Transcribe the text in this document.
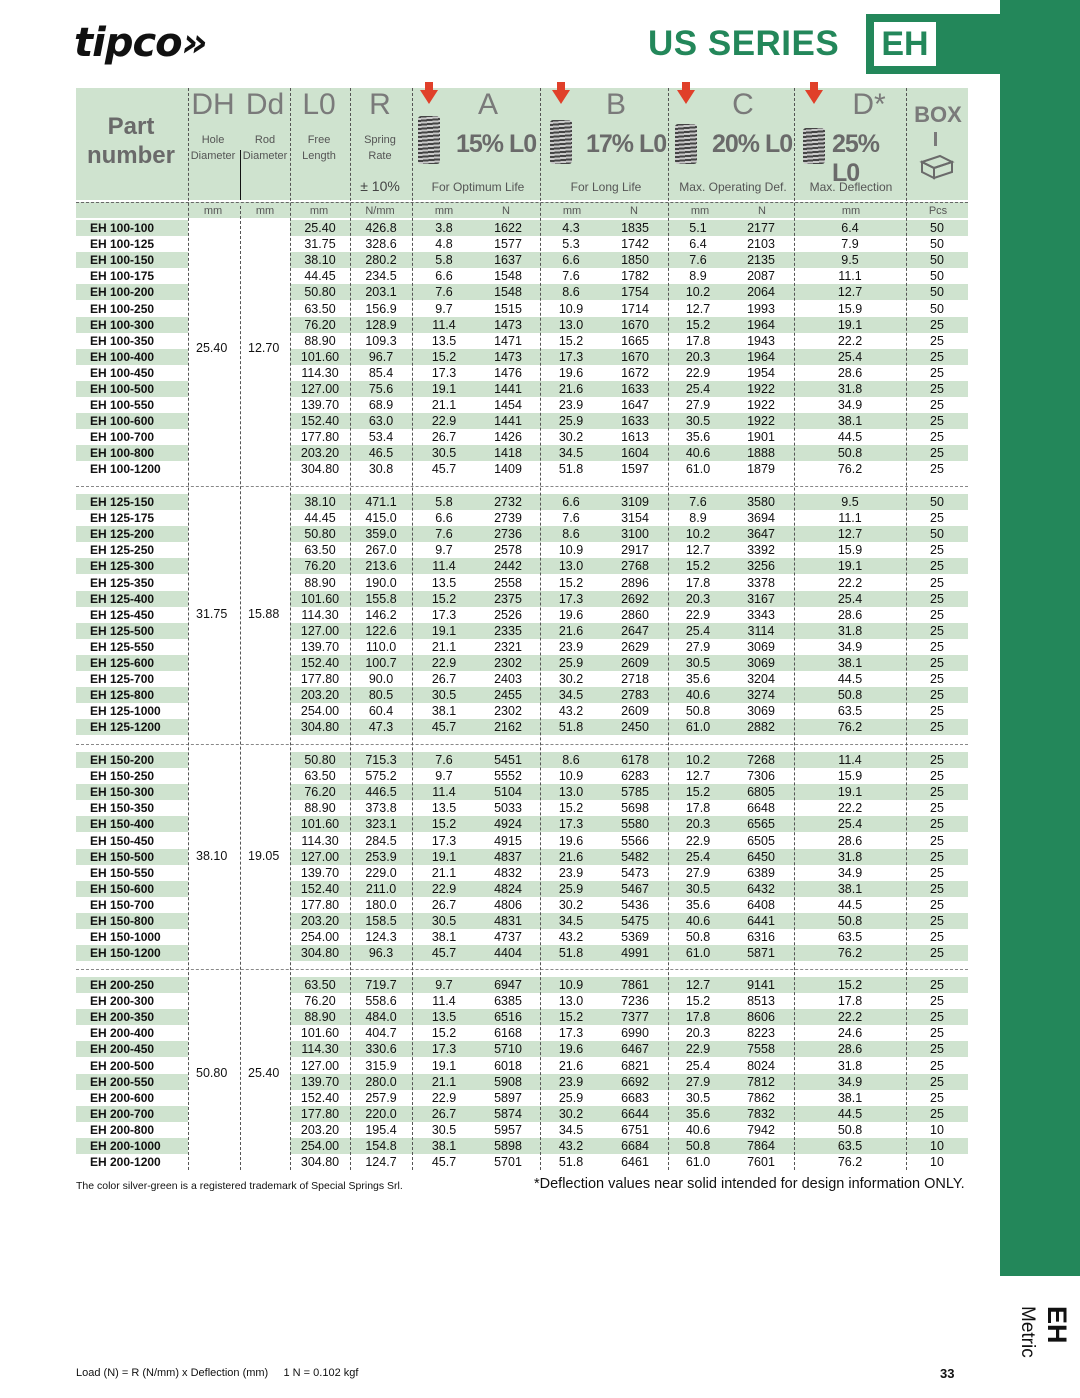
EH
Metric
tipco»	US SERIES EH
Part number
DH
Hole
Diameter
Dd
Rod
Diameter
L0
Free
Length
R
Spring
Rate
± 10%
A
15% L0
For Optimum Life
B
17% L0
For Long Life
C
20% L0
Max. Operating Def.
D*
25% L0
Max. Deflection
BOX
mm	mm	mm	N/mm	mm	N	mm	N	mm	N	mm	Pcs
EH 100-100			25.40	426.8	3.8	1622	4.3	1835	5.1	2177	6.4	50
EH 100-125			31.75	328.6	4.8	1577	5.3	1742	6.4	2103	7.9	50
EH 100-150			38.10	280.2	5.8	1637	6.6	1850	7.6	2135	9.5	50
EH 100-175			44.45	234.5	6.6	1548	7.6	1782	8.9	2087	11.1	50
EH 100-200			50.80	203.1	7.6	1548	8.6	1754	10.2	2064	12.7	50
EH 100-250			63.50	156.9	9.7	1515	10.9	1714	12.7	1993	15.9	50
EH 100-300			76.20	128.9	11.4	1473	13.0	1670	15.2	1964	19.1	25
EH 100-350			88.90	109.3	13.5	1471	15.2	1665	17.8	1943	22.2	25
EH 100-400			101.60	96.7	15.2	1473	17.3	1670	20.3	1964	25.4	25
EH 100-450			114.30	85.4	17.3	1476	19.6	1672	22.9	1954	28.6	25
EH 100-500			127.00	75.6	19.1	1441	21.6	1633	25.4	1922	31.8	25
EH 100-550			139.70	68.9	21.1	1454	23.9	1647	27.9	1922	34.9	25
EH 100-600			152.40	63.0	22.9	1441	25.9	1633	30.5	1922	38.1	25
EH 100-700			177.80	53.4	26.7	1426	30.2	1613	35.6	1901	44.5	25
EH 100-800			203.20	46.5	30.5	1418	34.5	1604	40.6	1888	50.8	25
EH 100-1200			304.80	30.8	45.7	1409	51.8	1597	61.0	1879	76.2	25
25.40 12.70
EH 125-150			38.10	471.1	5.8	2732	6.6	3109	7.6	3580	9.5	50
EH 125-175			44.45	415.0	6.6	2739	7.6	3154	8.9	3694	11.1	25
EH 125-200			50.80	359.0	7.6	2736	8.6	3100	10.2	3647	12.7	50
EH 125-250			63.50	267.0	9.7	2578	10.9	2917	12.7	3392	15.9	25
EH 125-300			76.20	213.6	11.4	2442	13.0	2768	15.2	3256	19.1	25
EH 125-350			88.90	190.0	13.5	2558	15.2	2896	17.8	3378	22.2	25
EH 125-400			101.60	155.8	15.2	2375	17.3	2692	20.3	3167	25.4	25
EH 125-450			114.30	146.2	17.3	2526	19.6	2860	22.9	3343	28.6	25
EH 125-500			127.00	122.6	19.1	2335	21.6	2647	25.4	3114	31.8	25
EH 125-550			139.70	110.0	21.1	2321	23.9	2629	27.9	3069	34.9	25
EH 125-600			152.40	100.7	22.9	2302	25.9	2609	30.5	3069	38.1	25
EH 125-700			177.80	90.0	26.7	2403	30.2	2718	35.6	3204	44.5	25
EH 125-800			203.20	80.5	30.5	2455	34.5	2783	40.6	3274	50.8	25
EH 125-1000			254.00	60.4	38.1	2302	43.2	2609	50.8	3069	63.5	25
EH 125-1200			304.80	47.3	45.7	2162	51.8	2450	61.0	2882	76.2	25
31.75 15.88
EH 150-200			50.80	715.3	7.6	5451	8.6	6178	10.2	7268	11.4	25
EH 150-250			63.50	575.2	9.7	5552	10.9	6283	12.7	7306	15.9	25
EH 150-300			76.20	446.5	11.4	5104	13.0	5785	15.2	6805	19.1	25
EH 150-350			88.90	373.8	13.5	5033	15.2	5698	17.8	6648	22.2	25
EH 150-400			101.60	323.1	15.2	4924	17.3	5580	20.3	6565	25.4	25
EH 150-450			114.30	284.5	17.3	4915	19.6	5566	22.9	6505	28.6	25
EH 150-500			127.00	253.9	19.1	4837	21.6	5482	25.4	6450	31.8	25
EH 150-550			139.70	229.0	21.1	4832	23.9	5473	27.9	6389	34.9	25
EH 150-600			152.40	211.0	22.9	4824	25.9	5467	30.5	6432	38.1	25
EH 150-700			177.80	180.0	26.7	4806	30.2	5436	35.6	6408	44.5	25
EH 150-800			203.20	158.5	30.5	4831	34.5	5475	40.6	6441	50.8	25
EH 150-1000			254.00	124.3	38.1	4737	43.2	5369	50.8	6316	63.5	25
EH 150-1200			304.80	96.3	45.7	4404	51.8	4991	61.0	5871	76.2	25
38.10 19.05
EH 200-250			63.50	719.7	9.7	6947	10.9	7861	12.7	9141	15.2	25
EH 200-300			76.20	558.6	11.4	6385	13.0	7236	15.2	8513	17.8	25
EH 200-350			88.90	484.0	13.5	6516	15.2	7377	17.8	8606	22.2	25
EH 200-400			101.60	404.7	15.2	6168	17.3	6990	20.3	8223	24.6	25
EH 200-450			114.30	330.6	17.3	5710	19.6	6467	22.9	7558	28.6	25
EH 200-500			127.00	315.9	19.1	6018	21.6	6821	25.4	8024	31.8	25
EH 200-550			139.70	280.0	21.1	5908	23.9	6692	27.9	7812	34.9	25
EH 200-600			152.40	257.9	22.9	5897	25.9	6683	30.5	7862	38.1	25
EH 200-700			177.80	220.0	26.7	5874	30.2	6644	35.6	7832	44.5	25
EH 200-800			203.20	195.4	30.5	5957	34.5	6751	40.6	7942	50.8	10
EH 200-1000			254.00	154.8	38.1	5898	43.2	6684	50.8	7864	63.5	10
EH 200-1200			304.80	124.7	45.7	5701	51.8	6461	61.0	7601	76.2	10
50.80 25.40
The color silver-green is a registered trademark of Special Springs Srl.	*Deflection values near solid intended for design information ONLY.
Load (N) = R (N/mm) x Deflection (mm)     1 N = 0.102 kgf	33
